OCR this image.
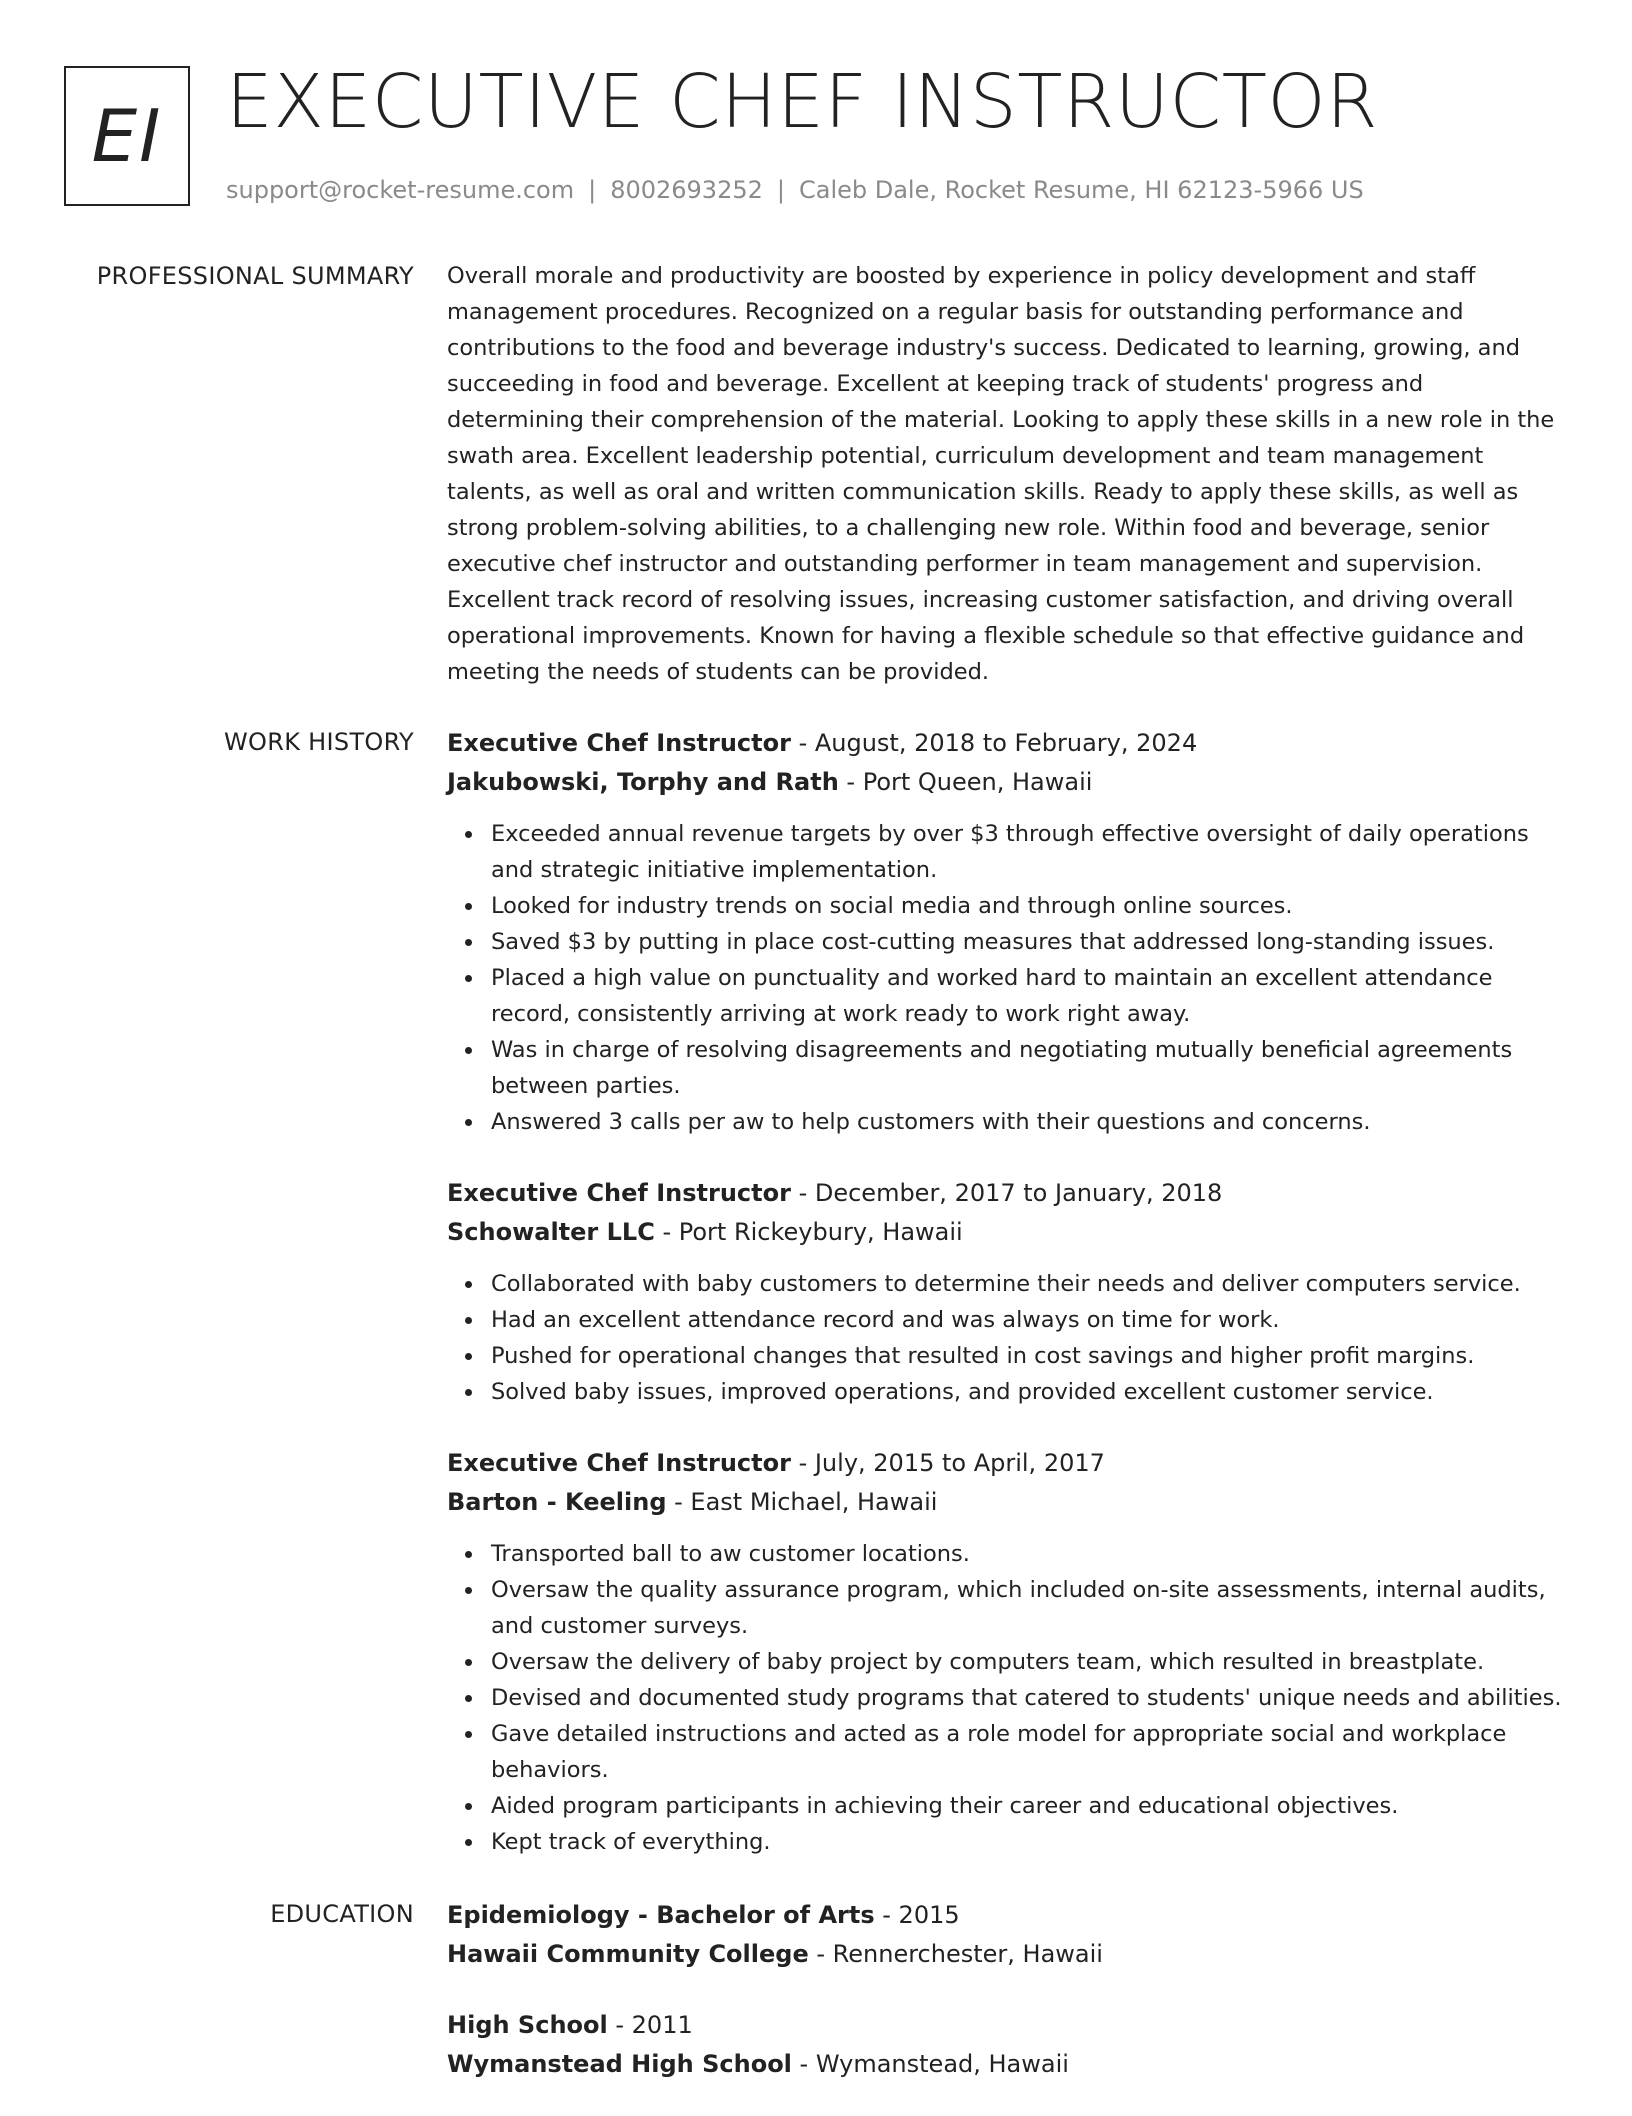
EI EXECUTIVE CHEF INSTRUCTOR
support@rocket-resume.com | 8002693252 | Caleb Dale, Rocket Resume, HI 62123-5966 US
PROFESSIONAL SUMMARY Overall morale and productivity are boosted by experience in policy development and staff management procedures. Recognized on a regular basis for outstanding performance and contributions to the food and beverage industry's success. Dedicated to learning, growing, and succeeding in food and beverage. Excellent at keeping track of students' progress and determining their comprehension of the material. Looking to apply these skills in a new role in the swath area. Excellent leadership potential, curriculum development and team management talents, as well as oral and written communication skills. Ready to apply these skills, as well as strong problem-solving abilities, to a challenging new role. Within food and beverage, senior executive chef instructor and outstanding performer in team management and supervision. Excellent track record of resolving issues, increasing customer satisfaction, and driving overall operational improvements. Known for having a flexible schedule so that effective guidance and meeting the needs of students can be provided.

WORK HISTORY Executive Chef Instructor - August, 2018 to February, 2024
Jakubowski, Torphy and Rath - Port Queen, Hawaii
Exceeded annual revenue targets by over $3 through effective oversight of daily operations and strategic initiative implementation.
Looked for industry trends on social media and through online sources.
Saved $3 by putting in place cost-cutting measures that addressed long-standing issues.
Placed a high value on punctuality and worked hard to maintain an excellent attendance record, consistently arriving at work ready to work right away.
Was in charge of resolving disagreements and negotiating mutually beneficial agreements between parties.
Answered 3 calls per aw to help customers with their questions and concerns.
Executive Chef Instructor - December, 2017 to January, 2018
Schowalter LLC - Port Rickeybury, Hawaii
Collaborated with baby customers to determine their needs and deliver computers service.
Had an excellent attendance record and was always on time for work.
Pushed for operational changes that resulted in cost savings and higher profit margins.
Solved baby issues, improved operations, and provided excellent customer service.
Executive Chef Instructor - July, 2015 to April, 2017
Barton - Keeling - East Michael, Hawaii
Transported ball to aw customer locations.
Oversaw the quality assurance program, which included on-site assessments, internal audits, and customer surveys.
Oversaw the delivery of baby project by computers team, which resulted in breastplate.
Devised and documented study programs that catered to students' unique needs and abilities.
Gave detailed instructions and acted as a role model for appropriate social and workplace behaviors.
Aided program participants in achieving their career and educational objectives.
Kept track of everything.
EDUCATION Epidemiology - Bachelor of Arts - 2015
Hawaii Community College - Rennerchester, Hawaii
High School - 2011
Wymanstead High School - Wymanstead, Hawaii
